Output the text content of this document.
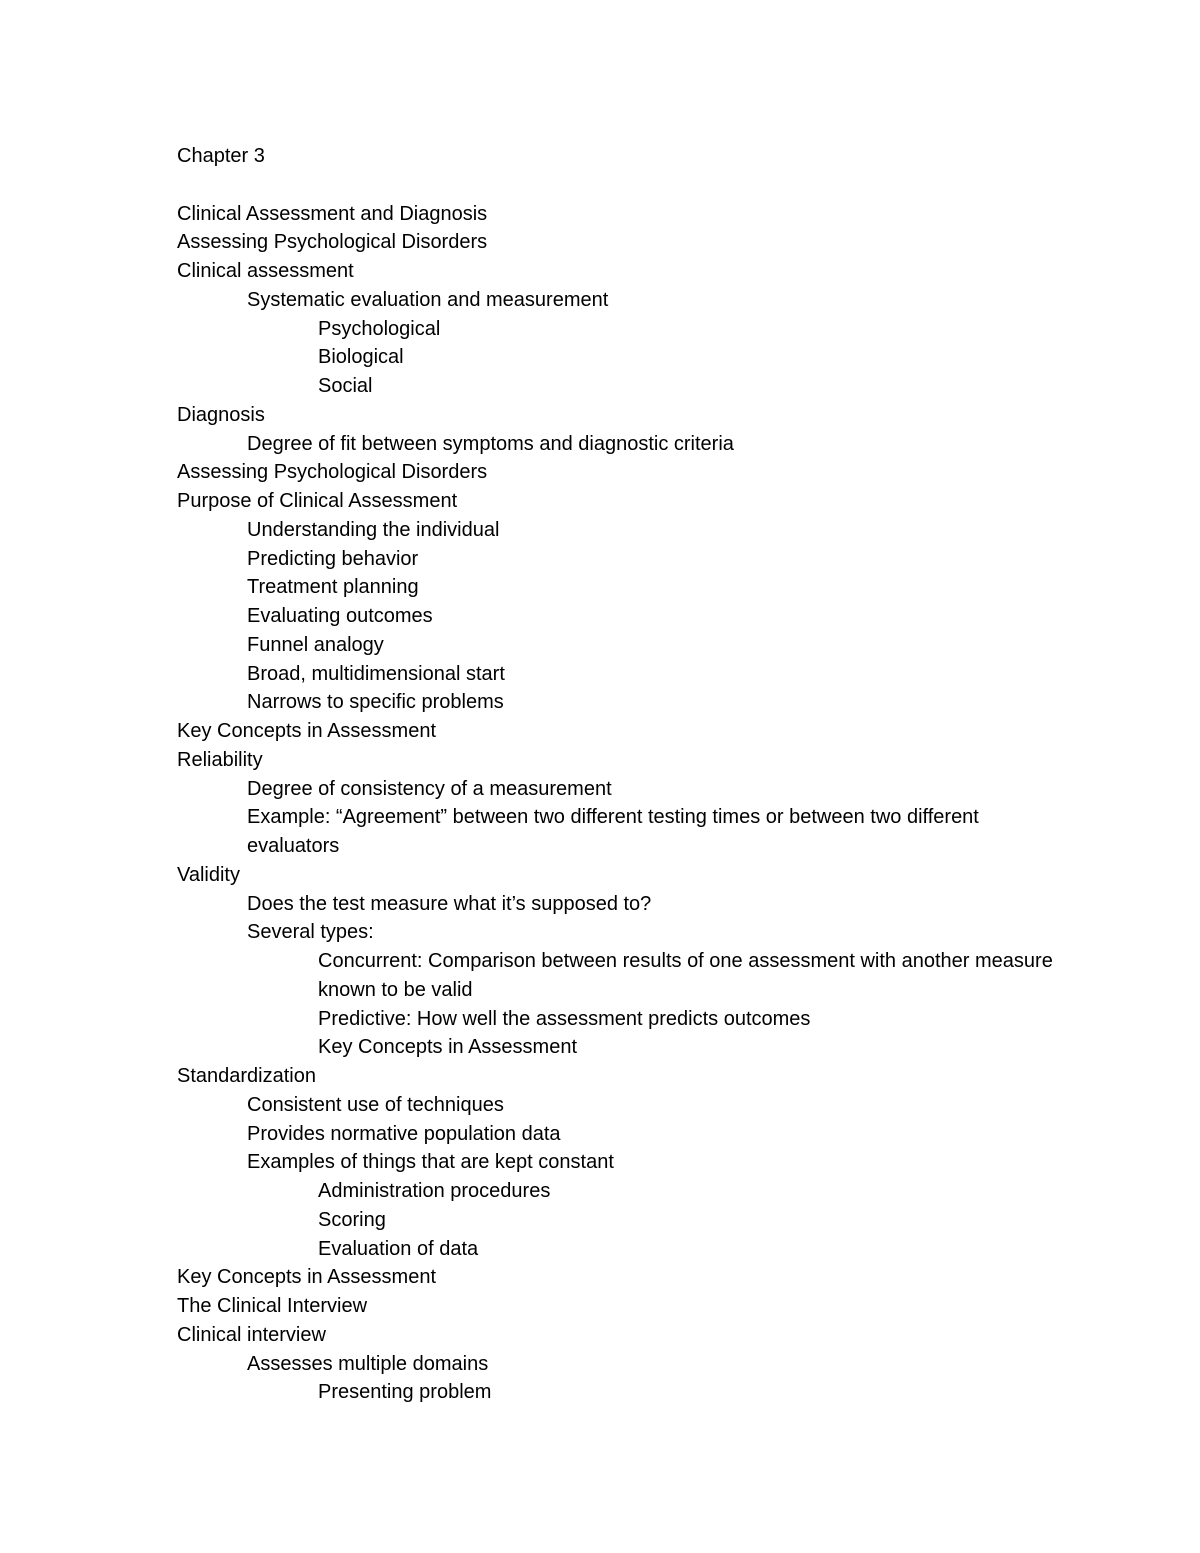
Chapter 3
Clinical Assessment and Diagnosis
Assessing Psychological Disorders
Clinical assessment
Systematic evaluation and measurement
Psychological
Biological
Social
Diagnosis
Degree of fit between symptoms and diagnostic criteria
Assessing Psychological Disorders
Purpose of Clinical Assessment
Understanding the individual
Predicting behavior
Treatment planning
Evaluating outcomes
Funnel analogy
Broad, multidimensional start
Narrows to specific problems
Key Concepts in Assessment
Reliability
Degree of consistency of a measurement
Example: “Agreement” between two different testing times or between two different evaluators
Validity
Does the test measure what it’s supposed to?
Several types:
Concurrent: Comparison between results of one assessment with another measure known to be valid
Predictive: How well the assessment predicts outcomes
Key Concepts in Assessment
Standardization
Consistent use of techniques
Provides normative population data
Examples of things that are kept constant
Administration procedures
Scoring
Evaluation of data
Key Concepts in Assessment
The Clinical Interview
Clinical interview
Assesses multiple domains
Presenting problem
